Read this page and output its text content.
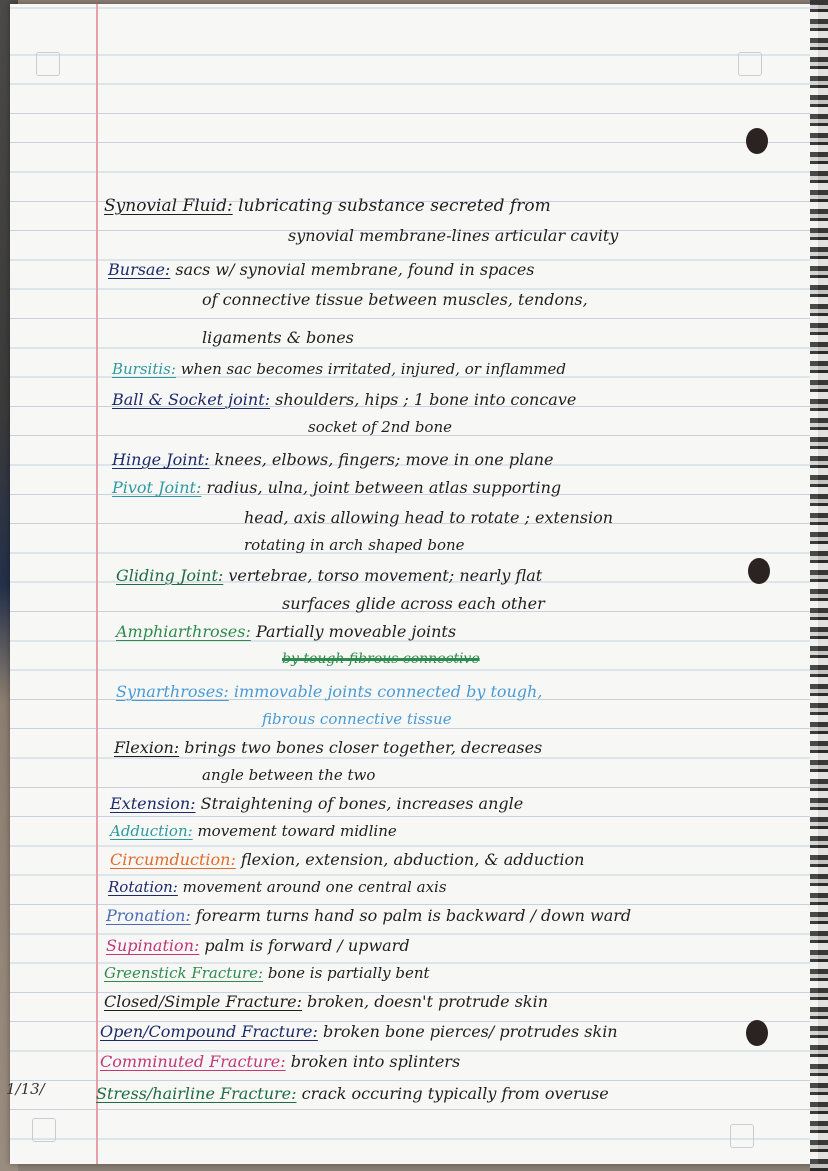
Synovial Fluid: lubricating substance secreted from
synovial membrane-lines articular cavity
Bursae: sacs w/ synovial membrane, found in spaces
of connective tissue between muscles, tendons,
ligaments & bones
Bursitis: when sac becomes irritated, injured, or inflammed
Ball & Socket joint: shoulders, hips ; 1 bone into concave
socket of 2nd bone
Hinge Joint: knees, elbows, fingers; move in one plane
Pivot Joint: radius, ulna, joint between atlas supporting
head, axis allowing head to rotate ; extension
rotating in arch shaped bone
Gliding Joint: vertebrae, torso movement; nearly flat
surfaces glide across each other
Amphiarthroses: Partially moveable joints
by tough fibrous connective
Synarthroses: immovable joints connected by tough,
fibrous connective tissue
Flexion: brings two bones closer together, decreases
angle between the two
Extension: Straightening of bones, increases angle
Adduction: movement toward midline
Circumduction: flexion, extension, abduction, & adduction
Rotation: movement around one central axis
Pronation: forearm turns hand so palm is backward / down ward
Supination: palm is forward / upward
Greenstick Fracture: bone is partially bent
Closed/Simple Fracture: broken, doesn't protrude skin
Open/Compound Fracture: broken bone pierces/ protrudes skin
Comminuted Fracture: broken into splinters
Stress/hairline Fracture: crack occuring typically from overuse
1/13/
